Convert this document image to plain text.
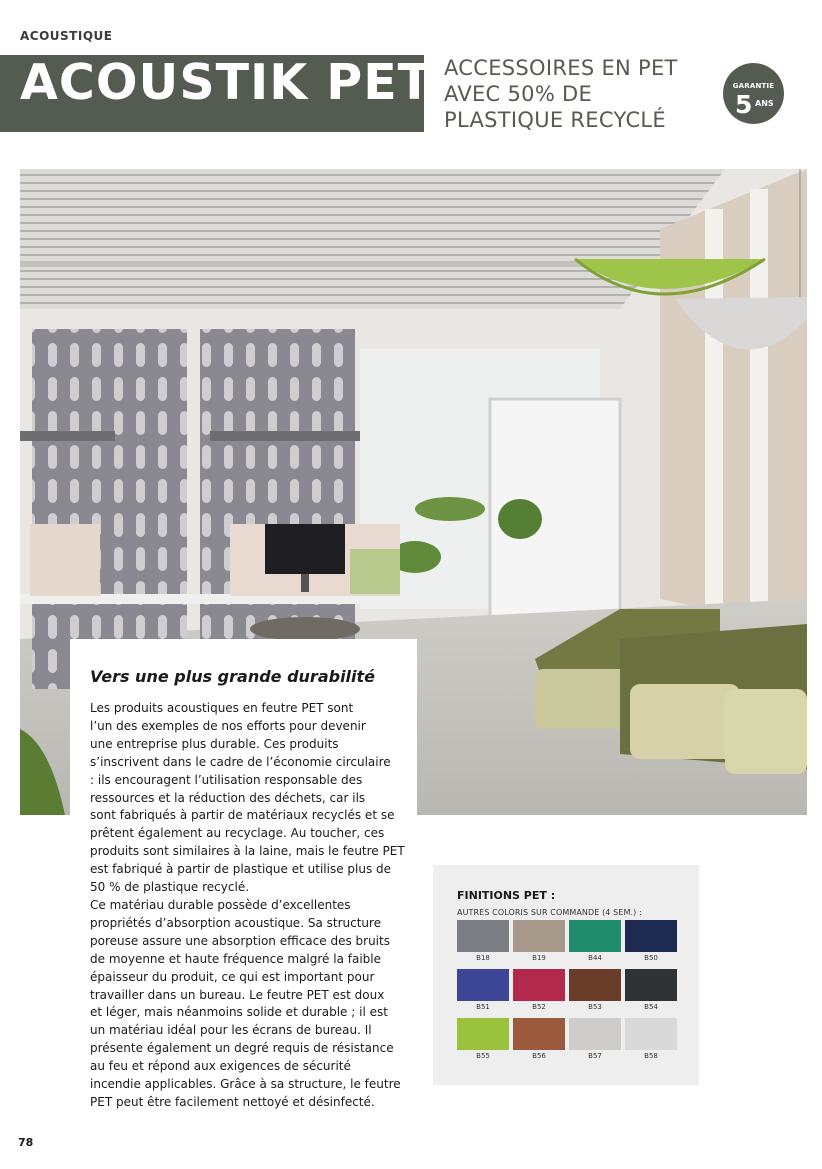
ACOUSTIQUE
ACOUSTIK PET ACCESSOIRES EN PET
AVEC 50% DE
PLASTIQUE RECYCLÉ
GARANTIE
5 ANS
Vers une plus grande durabilité
Les produits acoustiques en feutre PET sont
l’un des exemples de nos efforts pour devenir
une entreprise plus durable. Ces produits
s’inscrivent dans le cadre de l’économie circulaire
: ils encouragent l’utilisation responsable des
ressources et la réduction des déchets, car ils
sont fabriqués à partir de matériaux recyclés et se
prêtent également au recyclage. Au toucher, ces
produits sont similaires à la laine, mais le feutre PET
est fabriqué à partir de plastique et utilise plus de
50 % de plastique recyclé.
Ce matériau durable possède d’excellentes
propriétés d’absorption acoustique. Sa structure
poreuse assure une absorption efficace des bruits
de moyenne et haute fréquence malgré la faible
épaisseur du produit, ce qui est important pour
travailler dans un bureau. Le feutre PET est doux
et léger, mais néanmoins solide et durable ; il est
un matériau idéal pour les écrans de bureau. Il
présente également un degré requis de résistance
au feu et répond aux exigences de sécurité
incendie applicables. Grâce à sa structure, le feutre
PET peut être facilement nettoyé et désinfecté.
FINITIONS PET :
AUTRES COLORIS SUR COMMANDE (4 SEM.) :
B18	B19	B44	B50
B51	B52	B53	B54
B55	B56	B57	B58
78
